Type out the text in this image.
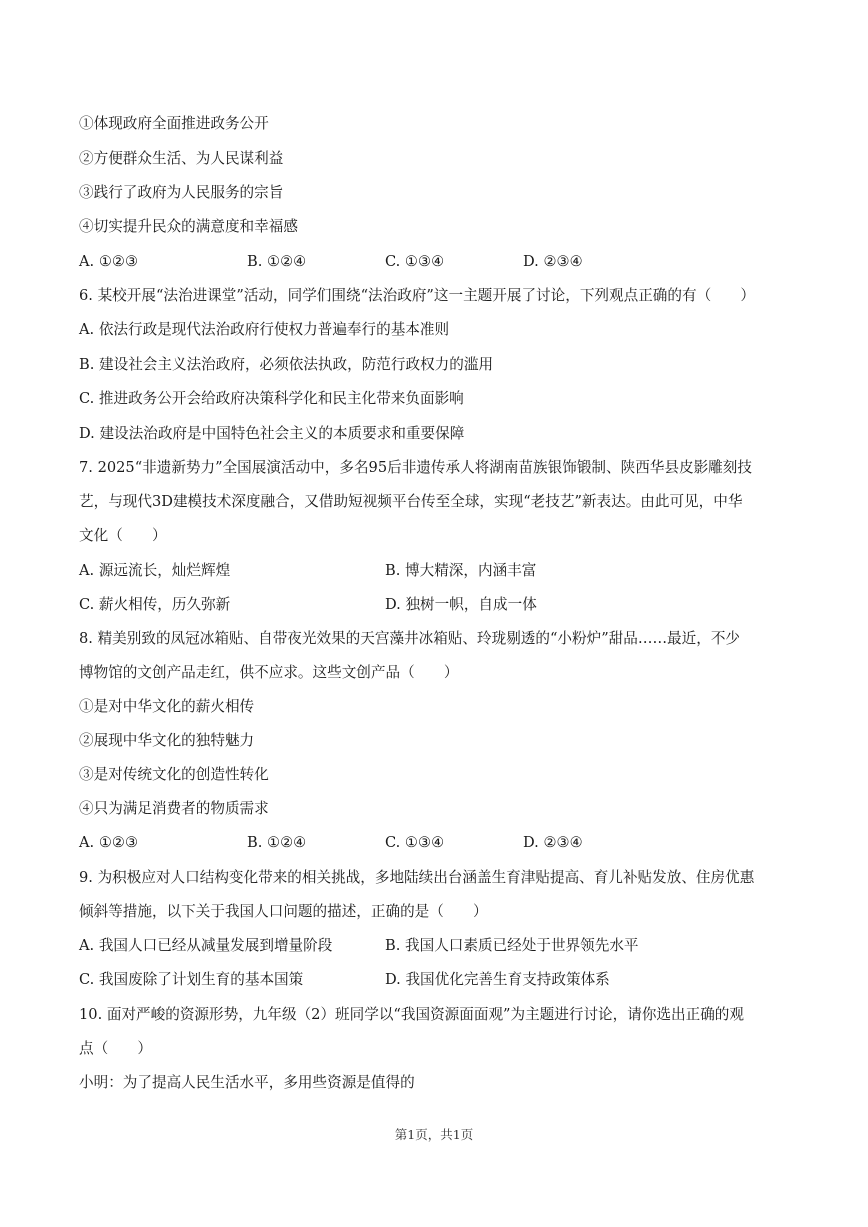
①体现政府全面推进政务公开
②方便群众生活、为人民谋利益
③践行了政府为人民服务的宗旨
④切实提升民众的满意度和幸福感
A. ①②③	B. ①②④	C. ①③④	D. ②③④
6. 某校开展“法治进课堂”活动，同学们围绕“法治政府”这一主题开展了讨论，下列观点正确的有（　　）
A. 依法行政是现代法治政府行使权力普遍奉行的基本准则
B. 建设社会主义法治政府，必须依法执政，防范行政权力的滥用
C. 推进政务公开会给政府决策科学化和民主化带来负面影响
D. 建设法治政府是中国特色社会主义的本质要求和重要保障
7. 2025“非遗新势力”全国展演活动中，多名95后非遗传承人将湖南苗族银饰锻制、陕西华县皮影雕刻技
艺，与现代3D建模技术深度融合，又借助短视频平台传至全球，实现“老技艺”新表达。由此可见，中华
文化（　　）
A. 源远流长，灿烂辉煌	B. 博大精深，内涵丰富
C. 薪火相传，历久弥新	D. 独树一帜，自成一体
8. 精美别致的凤冠冰箱贴、自带夜光效果的天宫藻井冰箱贴、玲珑剔透的“小粉炉”甜品……最近，不少
博物馆的文创产品走红，供不应求。这些文创产品（　　）
①是对中华文化的薪火相传
②展现中华文化的独特魅力
③是对传统文化的创造性转化
④只为满足消费者的物质需求
A. ①②③	B. ①②④	C. ①③④	D. ②③④
9. 为积极应对人口结构变化带来的相关挑战，多地陆续出台涵盖生育津贴提高、育儿补贴发放、住房优惠
倾斜等措施，以下关于我国人口问题的描述，正确的是（　　）
A. 我国人口已经从减量发展到增量阶段	B. 我国人口素质已经处于世界领先水平
C. 我国废除了计划生育的基本国策	D. 我国优化完善生育支持政策体系
10. 面对严峻的资源形势，九年级（2）班同学以“我国资源面面观”为主题进行讨论，请你选出正确的观
点（　　）
小明：为了提高人民生活水平，多用些资源是值得的
第1页，共1页
